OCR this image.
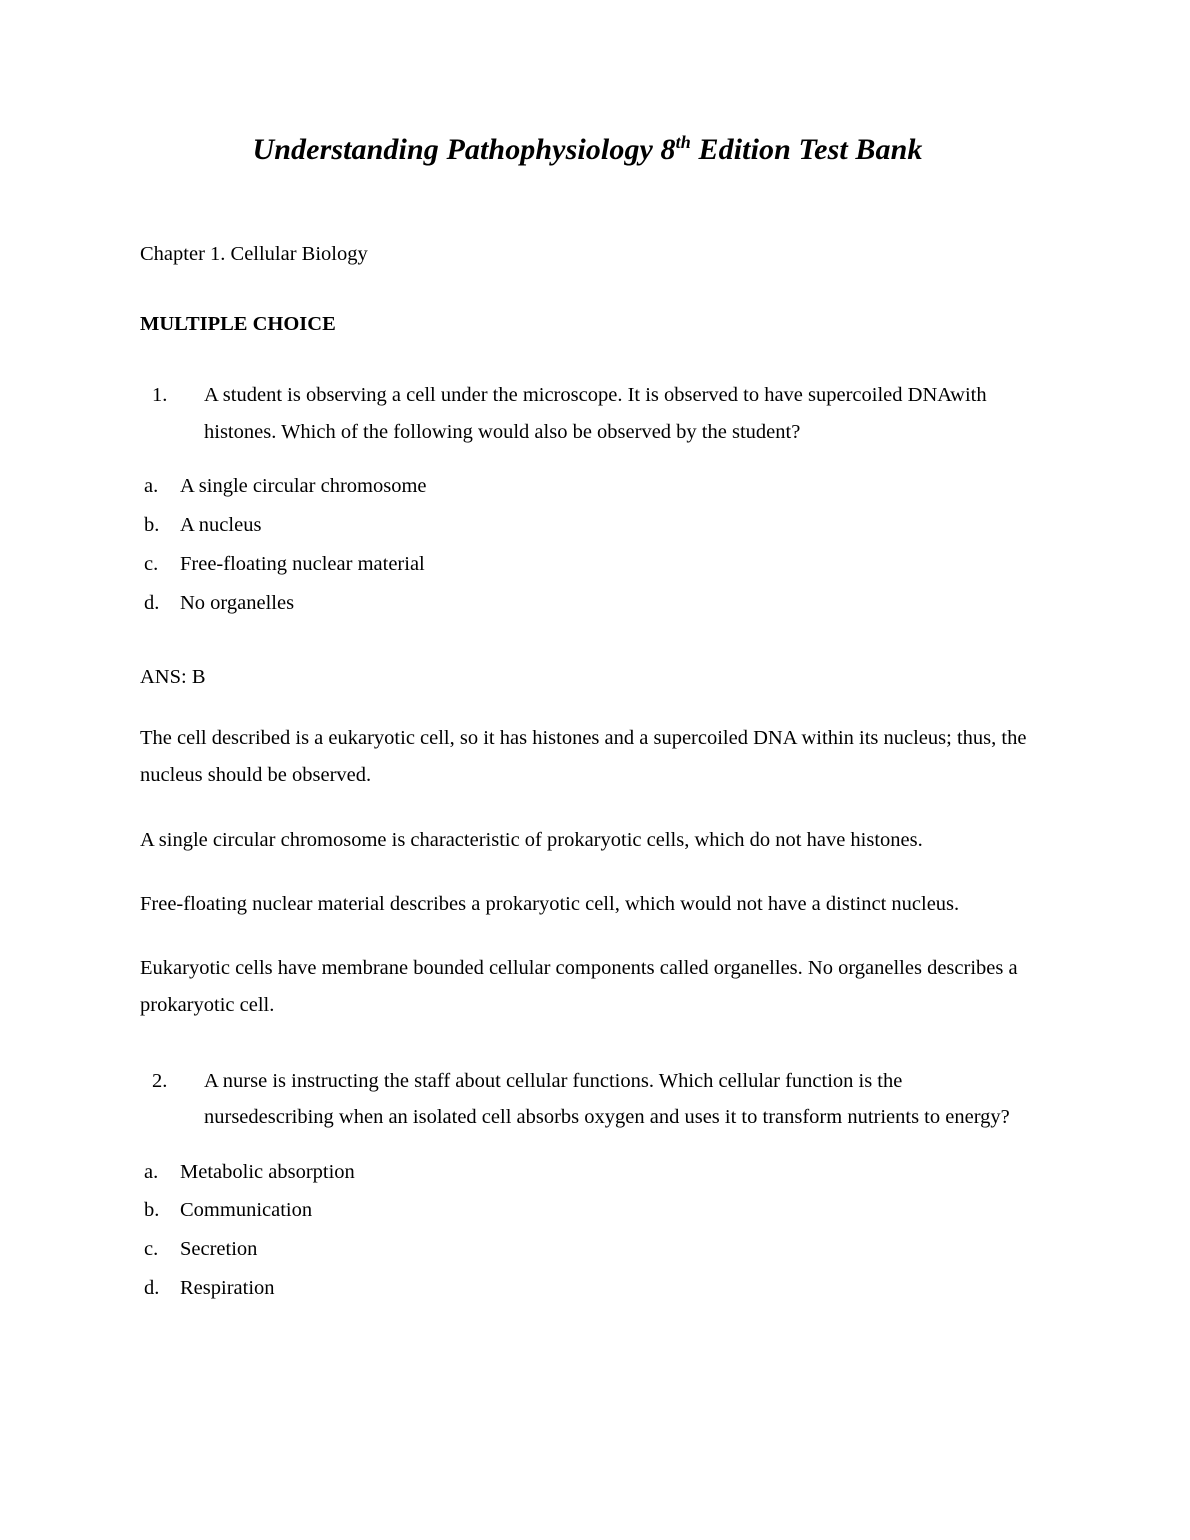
Understanding Pathophysiology 8th Edition Test Bank

Chapter 1. Cellular Biology

MULTIPLE CHOICE

1.	A student is observing a cell under the microscope. It is observed to have supercoiled DNAwith histones. Which of the following would also be observed by the student?
a.	A single circular chromosome
b.	A nucleus
c.	Free-floating nuclear material
d.	No organelles

ANS: B

The cell described is a eukaryotic cell, so it has histones and a supercoiled DNA within its nucleus; thus, the nucleus should be observed.

A single circular chromosome is characteristic of prokaryotic cells, which do not have histones.

Free-floating nuclear material describes a prokaryotic cell, which would not have a distinct nucleus.

Eukaryotic cells have membrane bounded cellular components called organelles. No organelles describes a prokaryotic cell.

2.	A nurse is instructing the staff about cellular functions. Which cellular function is the nursedescribing when an isolated cell absorbs oxygen and uses it to transform nutrients to energy?
a.	Metabolic absorption
b.	Communication
c.	Secretion
d.	Respiration
